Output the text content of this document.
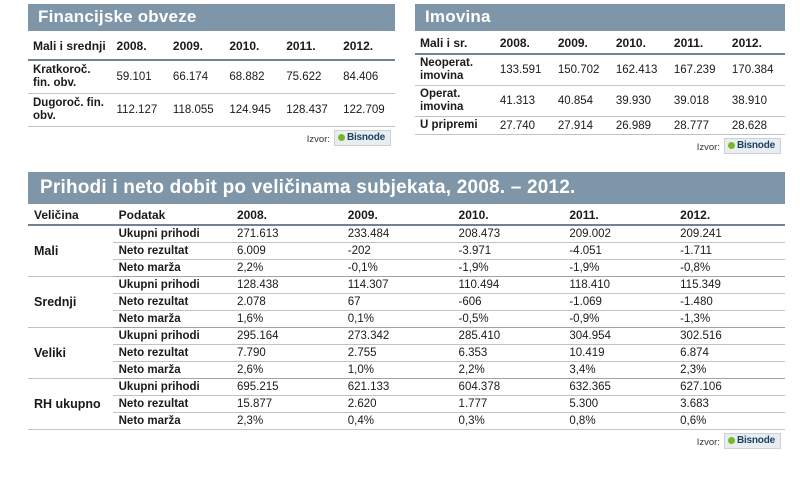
Financijske obveze
Mali i srednji	2008.	2009.	2010.	2011.	2012.
Kratkoroč. fin. obv.	59.101	66.174	68.882	75.622	84.406
Dugoroč. fin. obv.	112.127	118.055	124.945	128.437	122.709
Izvor:	Bisnode
Imovina
Mali i sr.	2008.	2009.	2010.	2011.	2012.
Neoperat. imovina	133.591	150.702	162.413	167.239	170.384
Operat. imovina	41.313	40.854	39.930	39.018	38.910
U pripremi	27.740	27.914	26.989	28.777	28.628
Izvor:	Bisnode
Prihodi i neto dobit po veličinama subjekata, 2008. – 2012.
Veličina	Podatak	2008.	2009.	2010.	2011.	2012.
Mali	Ukupni prihodi	271.613	233.484	208.473	209.002	209.241
	Neto rezultat	6.009	-202	-3.971	-4.051	-1.711
	Neto marža	2,2%	-0,1%	-1,9%	-1,9%	-0,8%
Srednji	Ukupni prihodi	128.438	114.307	110.494	118.410	115.349
	Neto rezultat	2.078	67	-606	-1.069	-1.480
	Neto marža	1,6%	0,1%	-0,5%	-0,9%	-1,3%
Veliki	Ukupni prihodi	295.164	273.342	285.410	304.954	302.516
	Neto rezultat	7.790	2.755	6.353	10.419	6.874
	Neto marža	2,6%	1,0%	2,2%	3,4%	2,3%
RH ukupno	Ukupni prihodi	695.215	621.133	604.378	632.365	627.106
	Neto rezultat	15.877	2.620	1.777	5.300	3.683
	Neto marža	2,3%	0,4%	0,3%	0,8%	0,6%
Izvor:	Bisnode
